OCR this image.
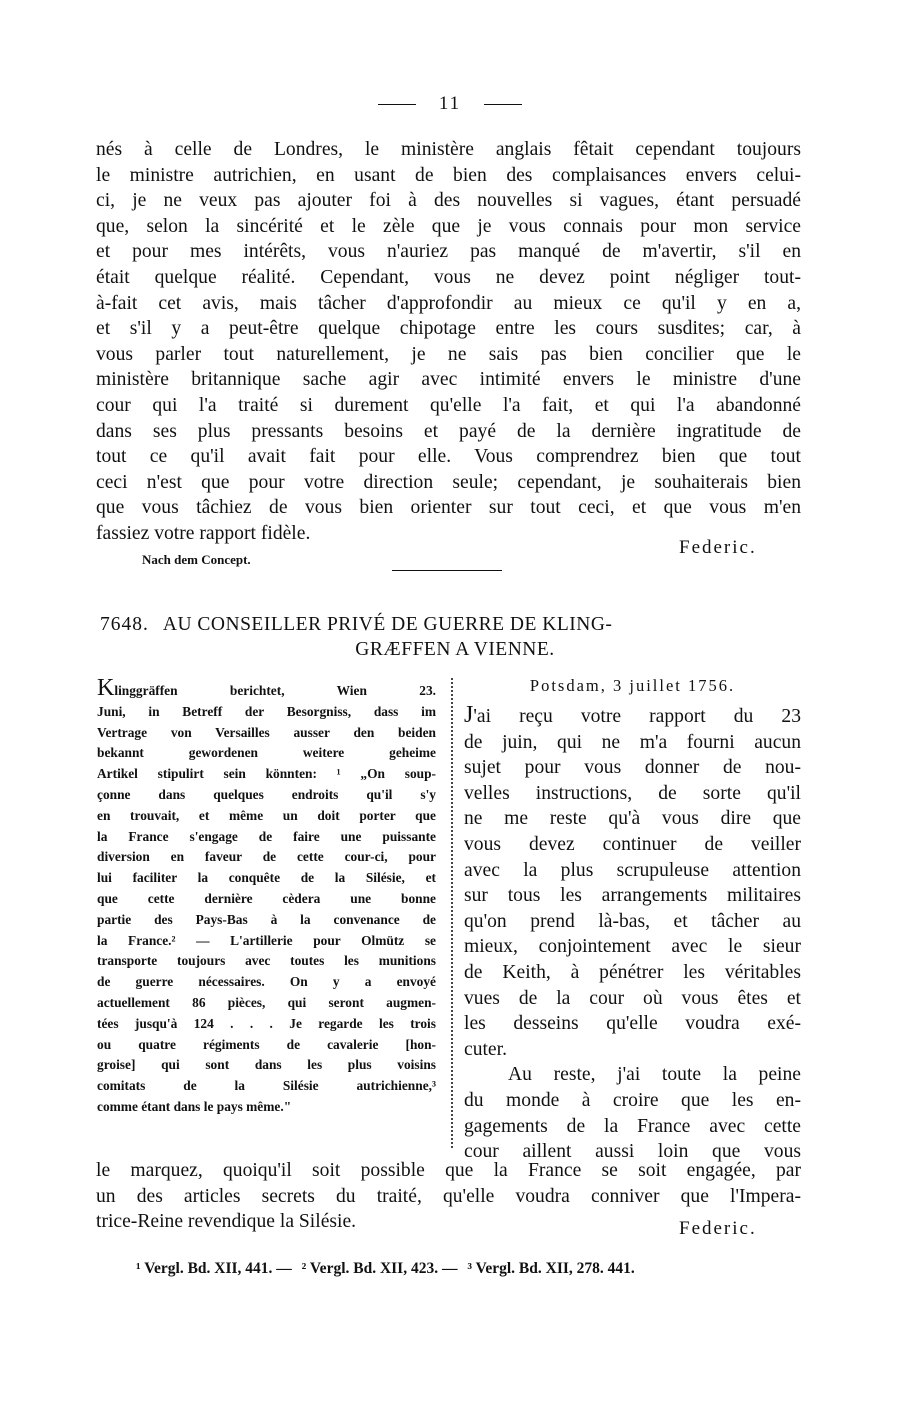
11
nés à celle de Londres, le ministère anglais fêtait cependant toujours
le ministre autrichien, en usant de bien des complaisances envers celui-
ci, je ne veux pas ajouter foi à des nouvelles si vagues, étant persuadé
que, selon la sincérité et le zèle que je vous connais pour mon service
et pour mes intérêts, vous n'auriez pas manqué de m'avertir, s'il en
était quelque réalité. Cependant, vous ne devez point négliger tout-
à-fait cet avis, mais tâcher d'approfondir au mieux ce qu'il y en a,
et s'il y a peut-être quelque chipotage entre les cours susdites; car, à
vous parler tout naturellement, je ne sais pas bien concilier que le
ministère britannique sache agir avec intimité envers le ministre d'une
cour qui l'a traité si durement qu'elle l'a fait, et qui l'a abandonné
dans ses plus pressants besoins et payé de la dernière ingratitude de
tout ce qu'il avait fait pour elle. Vous comprendrez bien que tout
ceci n'est que pour votre direction seule; cependant, je souhaiterais bien
que vous tâchiez de vous bien orienter sur tout ceci, et que vous m'en
fassiez votre rapport fidèle.
Federic.
Nach dem Concept.
7648. AU CONSEILLER PRIVÉ DE GUERRE DE KLING-
GRÆFFEN A VIENNE.
Klinggräffen berichtet, Wien 23.
Juni, in Betreff der Besorgniss, dass im
Vertrage von Versailles ausser den beiden
bekannt gewordenen weitere geheime
Artikel stipulirt sein könnten: ¹ „On soup-
çonne dans quelques endroits qu'il s'y
en trouvait, et même un doit porter que
la France s'engage de faire une puissante
diversion en faveur de cette cour-ci, pour
lui faciliter la conquête de la Silésie, et
que cette dernière cèdera une bonne
partie des Pays-Bas à la convenance de
la France.² — L'artillerie pour Olmütz se
transporte toujours avec toutes les munitions
de guerre nécessaires. On y a envoyé
actuellement 86 pièces, qui seront augmen-
tées jusqu'à 124 . . . Je regarde les trois
ou quatre régiments de cavalerie [hon-
groise] qui sont dans les plus voisins
comitats de la Silésie autrichienne,³
comme étant dans le pays même."
Potsdam, 3 juillet 1756.
J'ai reçu votre rapport du 23
de juin, qui ne m'a fourni aucun
sujet pour vous donner de nou-
velles instructions, de sorte qu'il
ne me reste qu'à vous dire que
vous devez continuer de veiller
avec la plus scrupuleuse attention
sur tous les arrangements militaires
qu'on prend là-bas, et tâcher au
mieux, conjointement avec le sieur
de Keith, à pénétrer les véritables
vues de la cour où vous êtes et
les desseins qu'elle voudra exé-
cuter.
Au reste, j'ai toute la peine
du monde à croire que les en-
gagements de la France avec cette
cour aillent aussi loin que vous
le marquez, quoiqu'il soit possible que la France se soit engagée, par
un des articles secrets du traité, qu'elle voudra conniver que l'Impera-
trice-Reine revendique la Silésie.	Federic.
¹ Vergl. Bd. XII, 441. — ² Vergl. Bd. XII, 423. — ³ Vergl. Bd. XII, 278. 441.
